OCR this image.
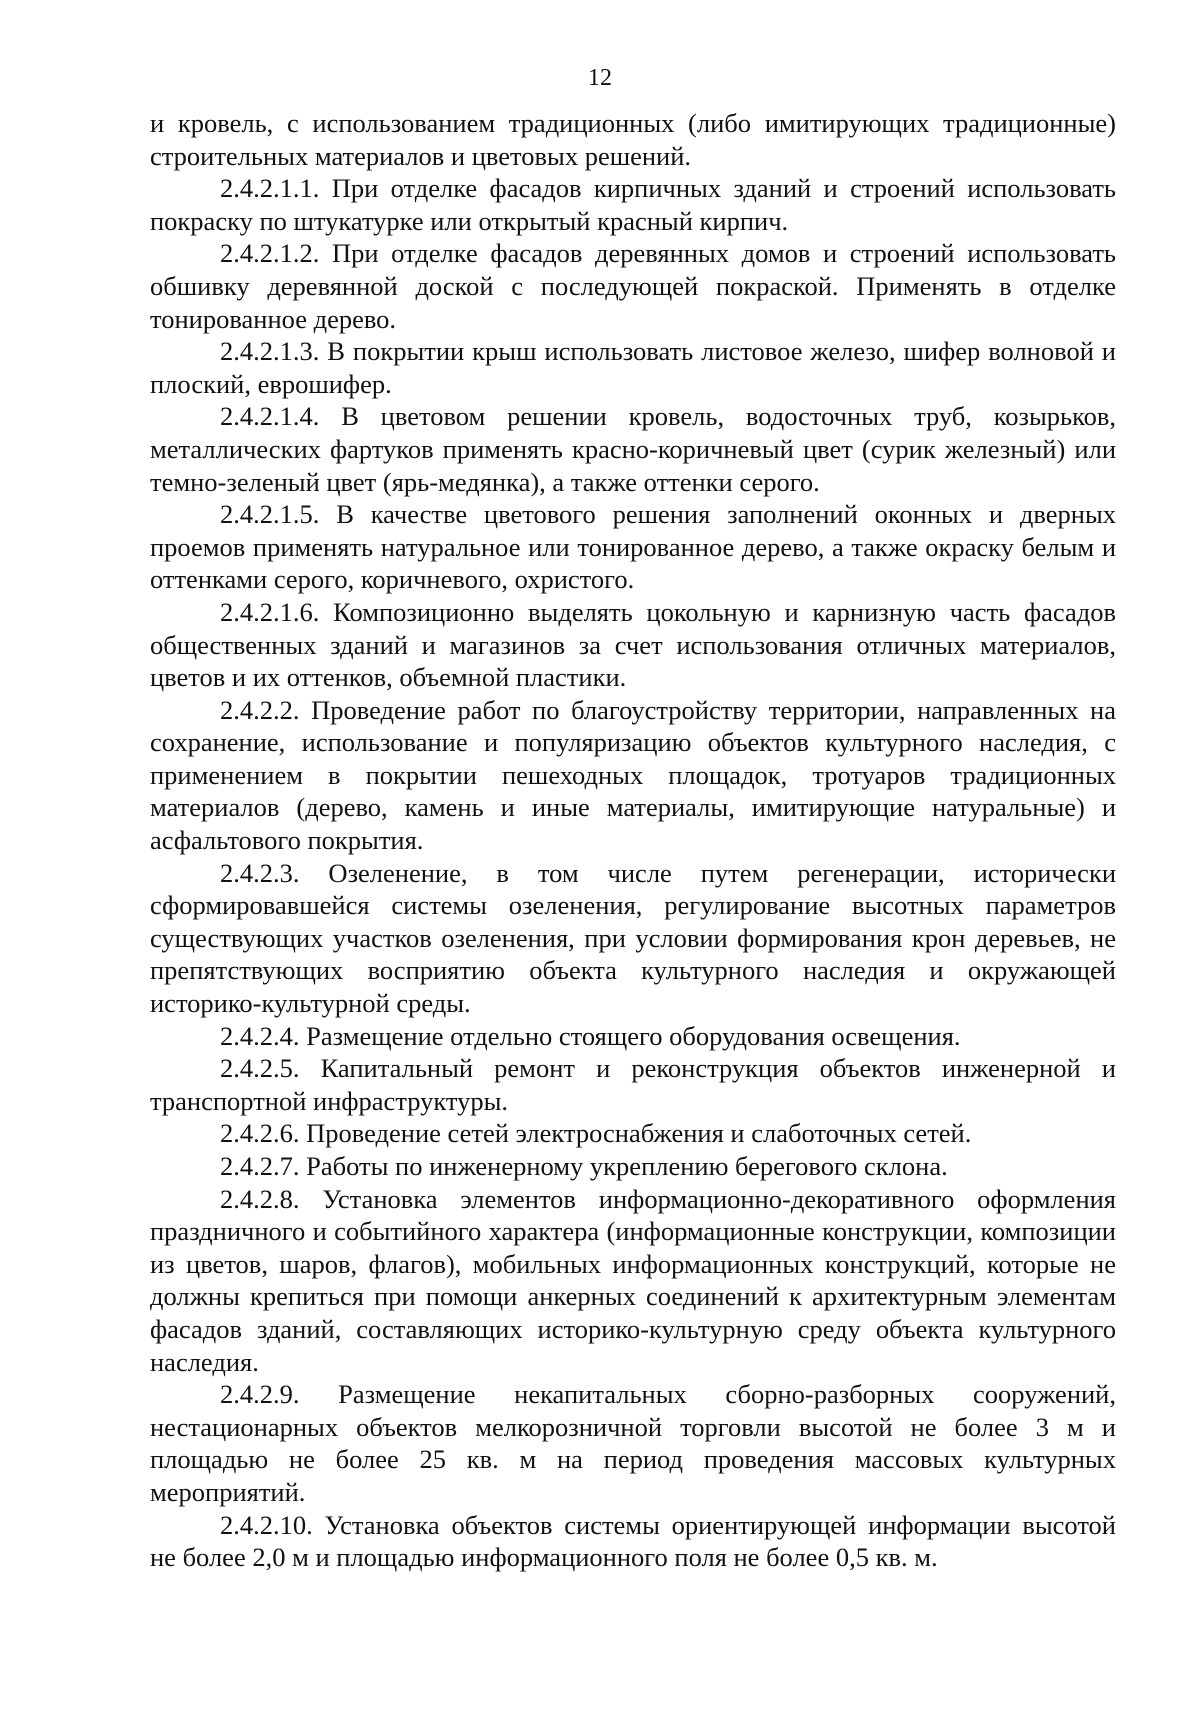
12

и кровель, с использованием традиционных (либо имитирующих традиционные) строительных материалов и цветовых решений.

2.4.2.1.1. При отделке фасадов кирпичных зданий и строений использовать покраску по штукатурке или открытый красный кирпич.

2.4.2.1.2. При отделке фасадов деревянных домов и строений использовать обшивку деревянной доской с последующей покраской. Применять в отделке тонированное дерево.

2.4.2.1.3. В покрытии крыш использовать листовое железо, шифер волновой и плоский, еврошифер.

2.4.2.1.4. В цветовом решении кровель, водосточных труб, козырьков, металлических фартуков применять красно-коричневый цвет (сурик железный) или темно-зеленый цвет (ярь-медянка), а также оттенки серого.

2.4.2.1.5. В качестве цветового решения заполнений оконных и дверных проемов применять натуральное или тонированное дерево, а также окраску белым и оттенками серого, коричневого, охристого.

2.4.2.1.6. Композиционно выделять цокольную и карнизную часть фасадов общественных зданий и магазинов за счет использования отличных материалов, цветов и их оттенков, объемной пластики.

2.4.2.2. Проведение работ по благоустройству территории, направленных на сохранение, использование и популяризацию объектов культурного наследия, с применением в покрытии пешеходных площадок, тротуаров традиционных материалов (дерево, камень и иные материалы, имитирующие натуральные) и асфальтового покрытия.

2.4.2.3. Озеленение, в том числе путем регенерации, исторически сформировавшейся системы озеленения, регулирование высотных параметров существующих участков озеленения, при условии формирования крон деревьев, не препятствующих восприятию объекта культурного наследия и окружающей историко-культурной среды.

2.4.2.4. Размещение отдельно стоящего оборудования освещения.

2.4.2.5. Капитальный ремонт и реконструкция объектов инженерной и транспортной инфраструктуры.

2.4.2.6. Проведение сетей электроснабжения и слаботочных сетей.

2.4.2.7. Работы по инженерному укреплению берегового склона.

2.4.2.8. Установка элементов информационно-декоративного оформления праздничного и событийного характера (информационные конструкции, композиции из цветов, шаров, флагов), мобильных информационных конструкций, которые не должны крепиться при помощи анкерных соединений к архитектурным элементам фасадов зданий, составляющих историко-культурную среду объекта культурного наследия.

2.4.2.9. Размещение некапитальных сборно-разборных сооружений, нестационарных объектов мелкорозничной торговли высотой не более 3 м и площадью не более 25 кв. м на период проведения массовых культурных мероприятий.

2.4.2.10. Установка объектов системы ориентирующей информации высотой не более 2,0 м и площадью информационного поля не более 0,5 кв. м.
